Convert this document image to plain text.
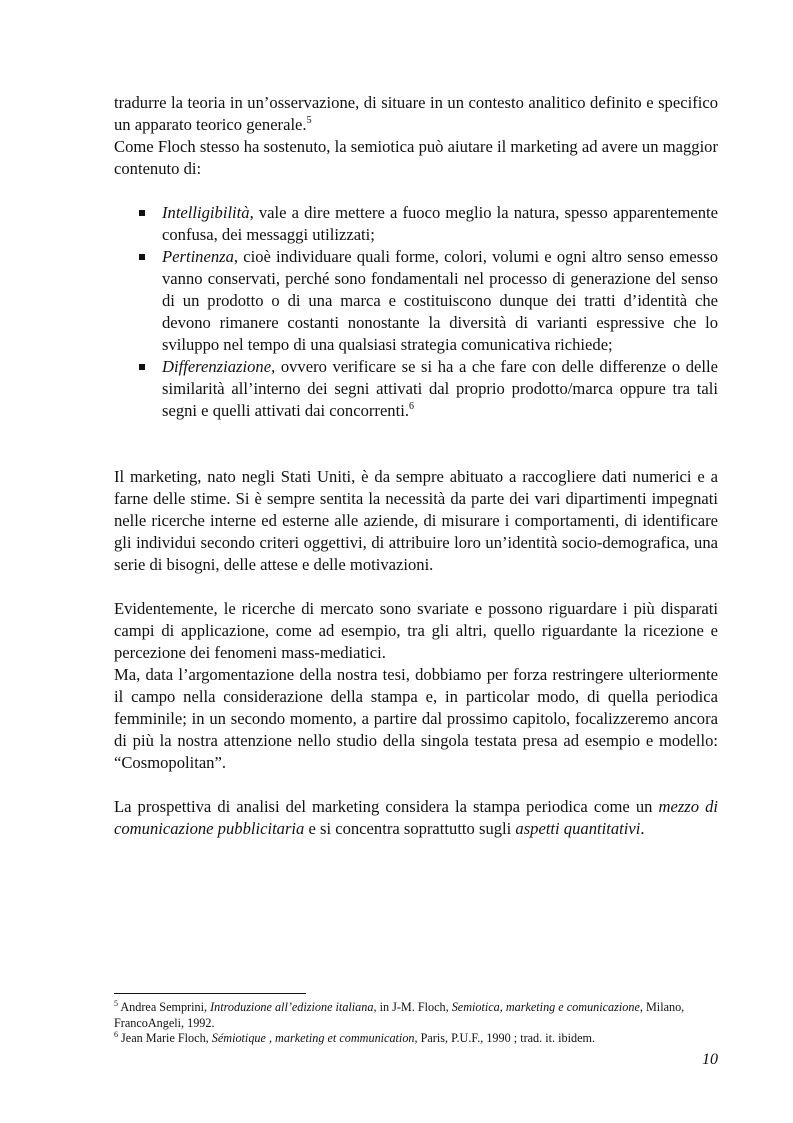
tradurre la teoria in un’osservazione, di situare in un contesto analitico definito e specifico un apparato teorico generale.$^5$
Come Floch stesso ha sostenuto, la semiotica può aiutare il marketing ad avere un maggior contenuto di:

Intelligibilità, vale a dire mettere a fuoco meglio la natura, spesso apparentemente confusa, dei messaggi utilizzati;
Pertinenza, cioè individuare quali forme, colori, volumi e ogni altro senso emesso vanno conservati, perché sono fondamentali nel processo di generazione del senso di un prodotto o di una marca e costituiscono dunque dei tratti d’identità che devono rimanere costanti nonostante la diversità di varianti espressive che lo sviluppo nel tempo di una qualsiasi strategia comunicativa richiede;
Differenziazione, ovvero verificare se si ha a che fare con delle differenze o delle similarità all’interno dei segni attivati dal proprio prodotto/marca oppure tra tali segni e quelli attivati dai concorrenti.$^6$

Il marketing, nato negli Stati Uniti, è da sempre abituato a raccogliere dati numerici e a farne delle stime. Si è sempre sentita la necessità da parte dei vari dipartimenti impegnati nelle ricerche interne ed esterne alle aziende, di misurare i comportamenti, di identificare gli individui secondo criteri oggettivi, di attribuire loro un’identità socio-demografica, una serie di bisogni, delle attese e delle motivazioni.

Evidentemente, le ricerche di mercato sono svariate e possono riguardare i più disparati campi di applicazione, come ad esempio, tra gli altri, quello riguardante la ricezione e percezione dei fenomeni mass-mediatici.

Ma, data l’argomentazione della nostra tesi, dobbiamo per forza restringere ulteriormente il campo nella considerazione della stampa e, in particolar modo, di quella periodica femminile; in un secondo momento, a partire dal prossimo capitolo, focalizzeremo ancora di più la nostra attenzione nello studio della singola testata presa ad esempio e modello: “Cosmopolitan”.

La prospettiva di analisi del marketing considera la stampa periodica come un mezzo di comunicazione pubblicitaria e si concentra soprattutto sugli aspetti quantitativi.

$^5$ Andrea Semprini, Introduzione all’edizione italiana, in J-M. Floch, Semiotica, marketing e comunicazione, Milano, FrancoAngeli, 1992.

$^6$ Jean Marie Floch, Sémiotique , marketing et communication, Paris, P.U.F., 1990 ; trad. it. ibidem.

10
